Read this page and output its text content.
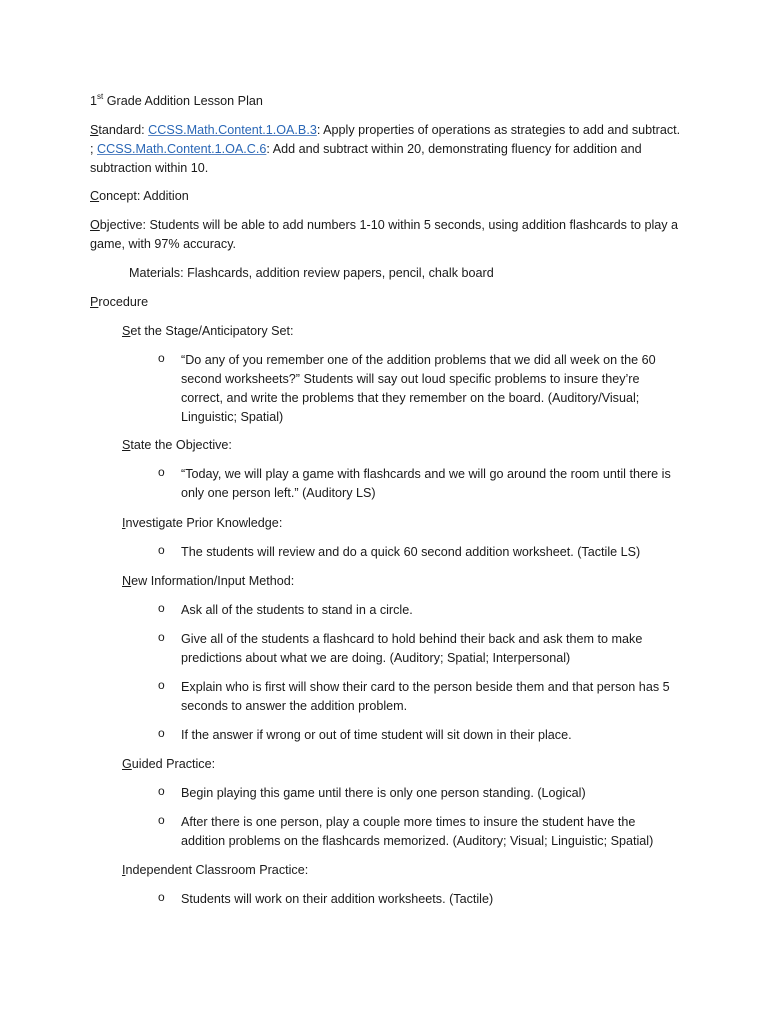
1st Grade Addition Lesson Plan
Standard: CCSS.Math.Content.1.OA.B.3: Apply properties of operations as strategies to add and subtract. ; CCSS.Math.Content.1.OA.C.6: Add and subtract within 20, demonstrating fluency for addition and subtraction within 10.
Concept: Addition
Objective: Students will be able to add numbers 1-10 within 5 seconds, using addition flashcards to play a game, with 97% accuracy.
Materials: Flashcards, addition review papers, pencil, chalk board
Procedure
Set the Stage/Anticipatory Set:
o “Do any of you remember one of the addition problems that we did all week on the 60 second worksheets?” Students will say out loud specific problems to insure they’re correct, and write the problems that they remember on the board. (Auditory/Visual; Linguistic; Spatial)
State the Objective:
o “Today, we will play a game with flashcards and we will go around the room until there is only one person left.” (Auditory LS)
Investigate Prior Knowledge:
o The students will review and do a quick 60 second addition worksheet. (Tactile LS)
New Information/Input Method:
o Ask all of the students to stand in a circle.
o Give all of the students a flashcard to hold behind their back and ask them to make predictions about what we are doing. (Auditory; Spatial; Interpersonal)
o Explain who is first will show their card to the person beside them and that person has 5 seconds to answer the addition problem.
o If the answer if wrong or out of time student will sit down in their place.
Guided Practice:
o Begin playing this game until there is only one person standing. (Logical)
o After there is one person, play a couple more times to insure the student have the addition problems on the flashcards memorized. (Auditory; Visual; Linguistic; Spatial)
Independent Classroom Practice:
o Students will work on their addition worksheets. (Tactile)
